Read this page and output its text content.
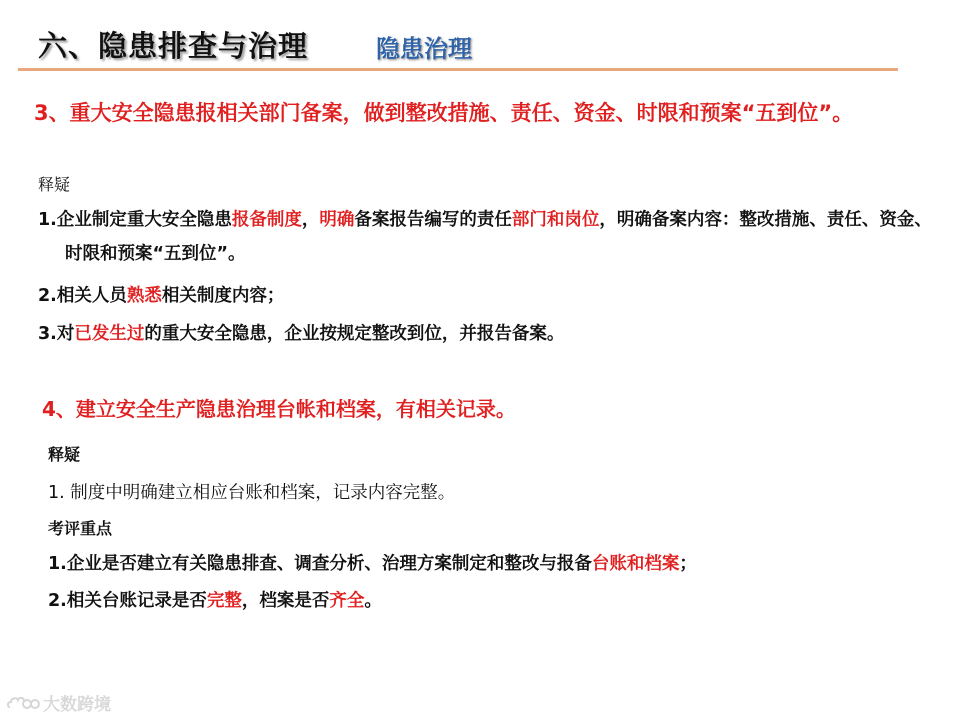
六、隐患排查与治理	隐患治理
3、重大安全隐患报相关部门备案，做到整改措施、责任、资金、时限和预案“五到位”。
释疑
1.企业制定重大安全隐患报备制度，明确备案报告编写的责任部门和岗位，明确备案内容：整改措施、责任、资金、时限和预案“五到位”。
2.相关人员熟悉相关制度内容；
3.对已发生过的重大安全隐患，企业按规定整改到位，并报告备案。
4、建立安全生产隐患治理台帐和档案，有相关记录。
释疑
1. 制度中明确建立相应台账和档案，记录内容完整。
考评重点
1.企业是否建立有关隐患排查、调查分析、治理方案制定和整改与报备台账和档案；
2.相关台账记录是否完整，档案是否齐全。
大数跨境
